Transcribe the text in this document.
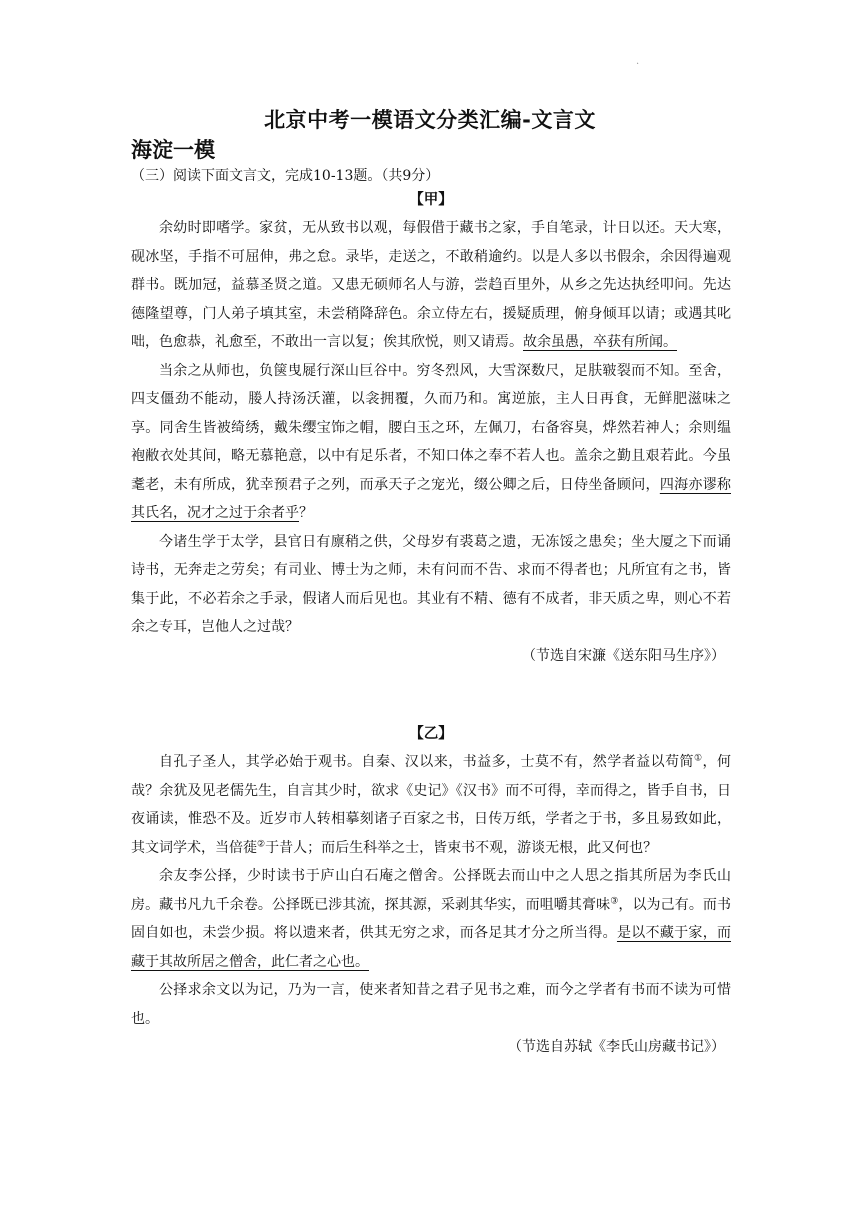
.
北京中考一模语文分类汇编-文言文
海淀一模
（三）阅读下面文言文，完成10-13题。（共9分）
【甲】

余幼时即嗜学。家贫，无从致书以观，每假借于藏书之家，手自笔录，计日以还。天大寒，砚冰坚，手指不可屈伸，弗之怠。录毕，走送之，不敢稍逾约。以是人多以书假余，余因得遍观群书。既加冠，益慕圣贤之道。又患无硕师名人与游，尝趋百里外，从乡之先达执经叩问。先达德隆望尊，门人弟子填其室，未尝稍降辞色。余立侍左右，援疑质理，俯身倾耳以请；或遇其叱咄，色愈恭，礼愈至，不敢出一言以复；俟其欣悦，则又请焉。故余虽愚，卒获有所闻。

当余之从师也，负箧曳屣行深山巨谷中。穷冬烈风，大雪深数尺，足肤皲裂而不知。至舍，四支僵劲不能动，媵人持汤沃灌，以衾拥覆，久而乃和。寓逆旅，主人日再食，无鲜肥滋味之享。同舍生皆被绮绣，戴朱缨宝饰之帽，腰白玉之环，左佩刀，右备容臭，烨然若神人；余则缊袍敝衣处其间，略无慕艳意，以中有足乐者，不知口体之奉不若人也。盖余之勤且艰若此。今虽耄老，未有所成，犹幸预君子之列，而承天子之宠光，缀公卿之后，日侍坐备顾问，四海亦谬称其氏名，况才之过于余者乎？

今诸生学于太学，县官日有廪稍之供，父母岁有裘葛之遗，无冻馁之患矣；坐大厦之下而诵诗书，无奔走之劳矣；有司业、博士为之师，未有问而不告、求而不得者也；凡所宜有之书，皆集于此，不必若余之手录，假诸人而后见也。其业有不精、德有不成者，非天质之卑，则心不若余之专耳，岂他人之过哉？

（节选自宋濂《送东阳马生序》）
【乙】

自孔子圣人，其学必始于观书。自秦、汉以来，书益多，士莫不有，然学者益以苟简①，何哉？余犹及见老儒先生，自言其少时，欲求《史记》《汉书》而不可得，幸而得之，皆手自书，日夜诵读，惟恐不及。近岁市人转相摹刻诸子百家之书，日传万纸，学者之于书，多且易致如此，其文词学术，当倍蓰②于昔人；而后生科举之士，皆束书不观，游谈无根，此又何也？

余友李公择，少时读书于庐山白石庵之僧舍。公择既去而山中之人思之指其所居为李氏山房。藏书凡九千余卷。公择既已涉其流，探其源，采剥其华实，而咀嚼其膏味③，以为己有。而书固自如也，未尝少损。将以遗来者，供其无穷之求，而各足其才分之所当得。是以不藏于家，而藏于其故所居之僧舍，此仁者之心也。

公择求余文以为记，乃为一言，使来者知昔之君子见书之难，而今之学者有书而不读为可惜也。

（节选自苏轼《李氏山房藏书记》）
